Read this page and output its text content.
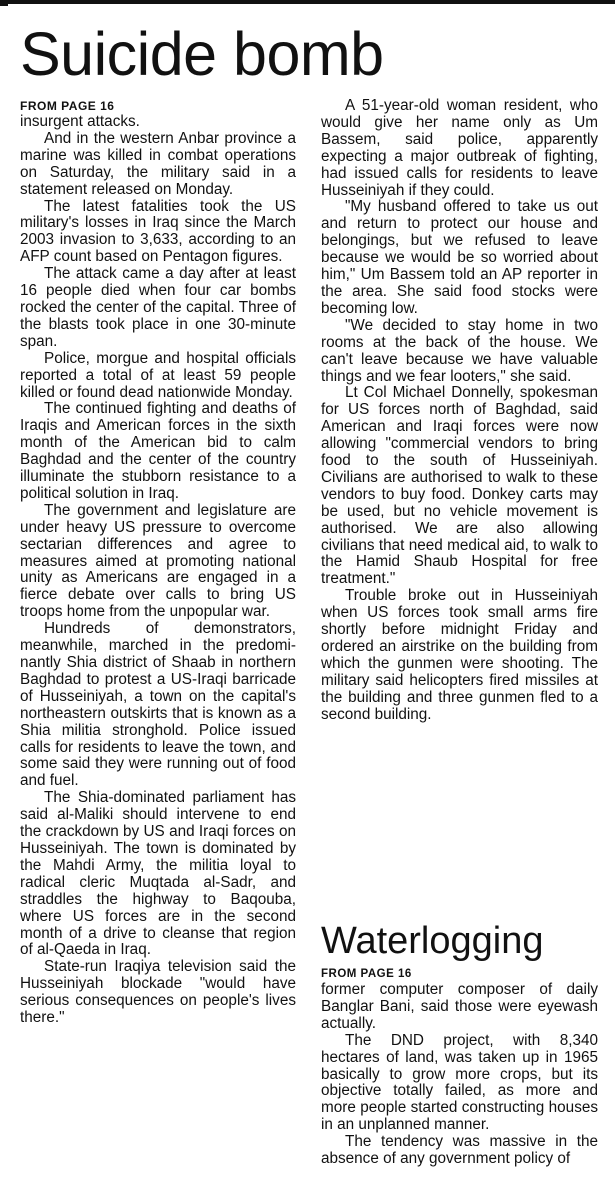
Suicide bomb
FROM PAGE 16

insurgent attacks.

And in the western Anbar province a marine was killed in combat operations on Saturday, the military said in a statement released on Monday.

The latest fatalities took the US military's losses in Iraq since the March 2003 invasion to 3,633, according to an AFP count based on Pentagon figures.

The attack came a day after at least 16 people died when four car bombs rocked the center of the capital. Three of the blasts took place in one 30-minute span.

Police, morgue and hospital officials reported a total of at least 59 people killed or found dead nationwide Monday.

The continued fighting and deaths of Iraqis and American forces in the sixth month of the American bid to calm Baghdad and the center of the country illuminate the stubborn resistance to a political solution in Iraq.

The government and legislature are under heavy US pressure to overcome sectarian differences and agree to measures aimed at promoting national unity as Americans are engaged in a fierce debate over calls to bring US troops home from the unpopular war.

Hundreds of demonstrators, meanwhile, marched in the predominantly Shia district of Shaab in northern Baghdad to protest a US-Iraqi barricade of Husseiniyah, a town on the capital's northeastern outskirts that is known as a Shia militia stronghold. Police issued calls for residents to leave the town, and some said they were running out of food and fuel.

The Shia-dominated parliament has said al-Maliki should intervene to end the crackdown by US and Iraqi forces on Husseiniyah. The town is dominated by the Mahdi Army, the militia loyal to radical cleric Muqtada al-Sadr, and straddles the highway to Baqouba, where US forces are in the second month of a drive to cleanse that region of al-Qaeda in Iraq.

State-run Iraqiya television said the Husseiniyah blockade "would have serious consequences on people's lives there."

A 51-year-old woman resident, who would give her name only as Um Bassem, said police, apparently expecting a major outbreak of fighting, had issued calls for residents to leave Husseiniyah if they could.

"My husband offered to take us out and return to protect our house and belongings, but we refused to leave because we would be so worried about him," Um Bassem told an AP reporter in the area. She said food stocks were becoming low.

"We decided to stay home in two rooms at the back of the house. We can't leave because we have valuable things and we fear looters," she said.

Lt Col Michael Donnelly, spokesman for US forces north of Baghdad, said American and Iraqi forces were now allowing "commercial vendors to bring food to the south of Husseiniyah. Civilians are authorised to walk to these vendors to buy food. Donkey carts may be used, but no vehicle movement is authorised. We are also allowing civilians that need medical aid, to walk to the Hamid Shaub Hospital for free treatment."

Trouble broke out in Husseiniyah when US forces took small arms fire shortly before midnight Friday and ordered an airstrike on the building from which the gunmen were shooting. The military said helicopters fired missiles at the building and three gunmen fled to a second building.

Waterlogging
FROM PAGE 16

former computer composer of daily Banglar Bani, said those were eyewash actually.

The DND project, with 8,340 hectares of land, was taken up in 1965 basically to grow more crops, but its objective totally failed, as more and more people started constructing houses in an unplanned manner.

The tendency was massive in the absence of any government policy of
